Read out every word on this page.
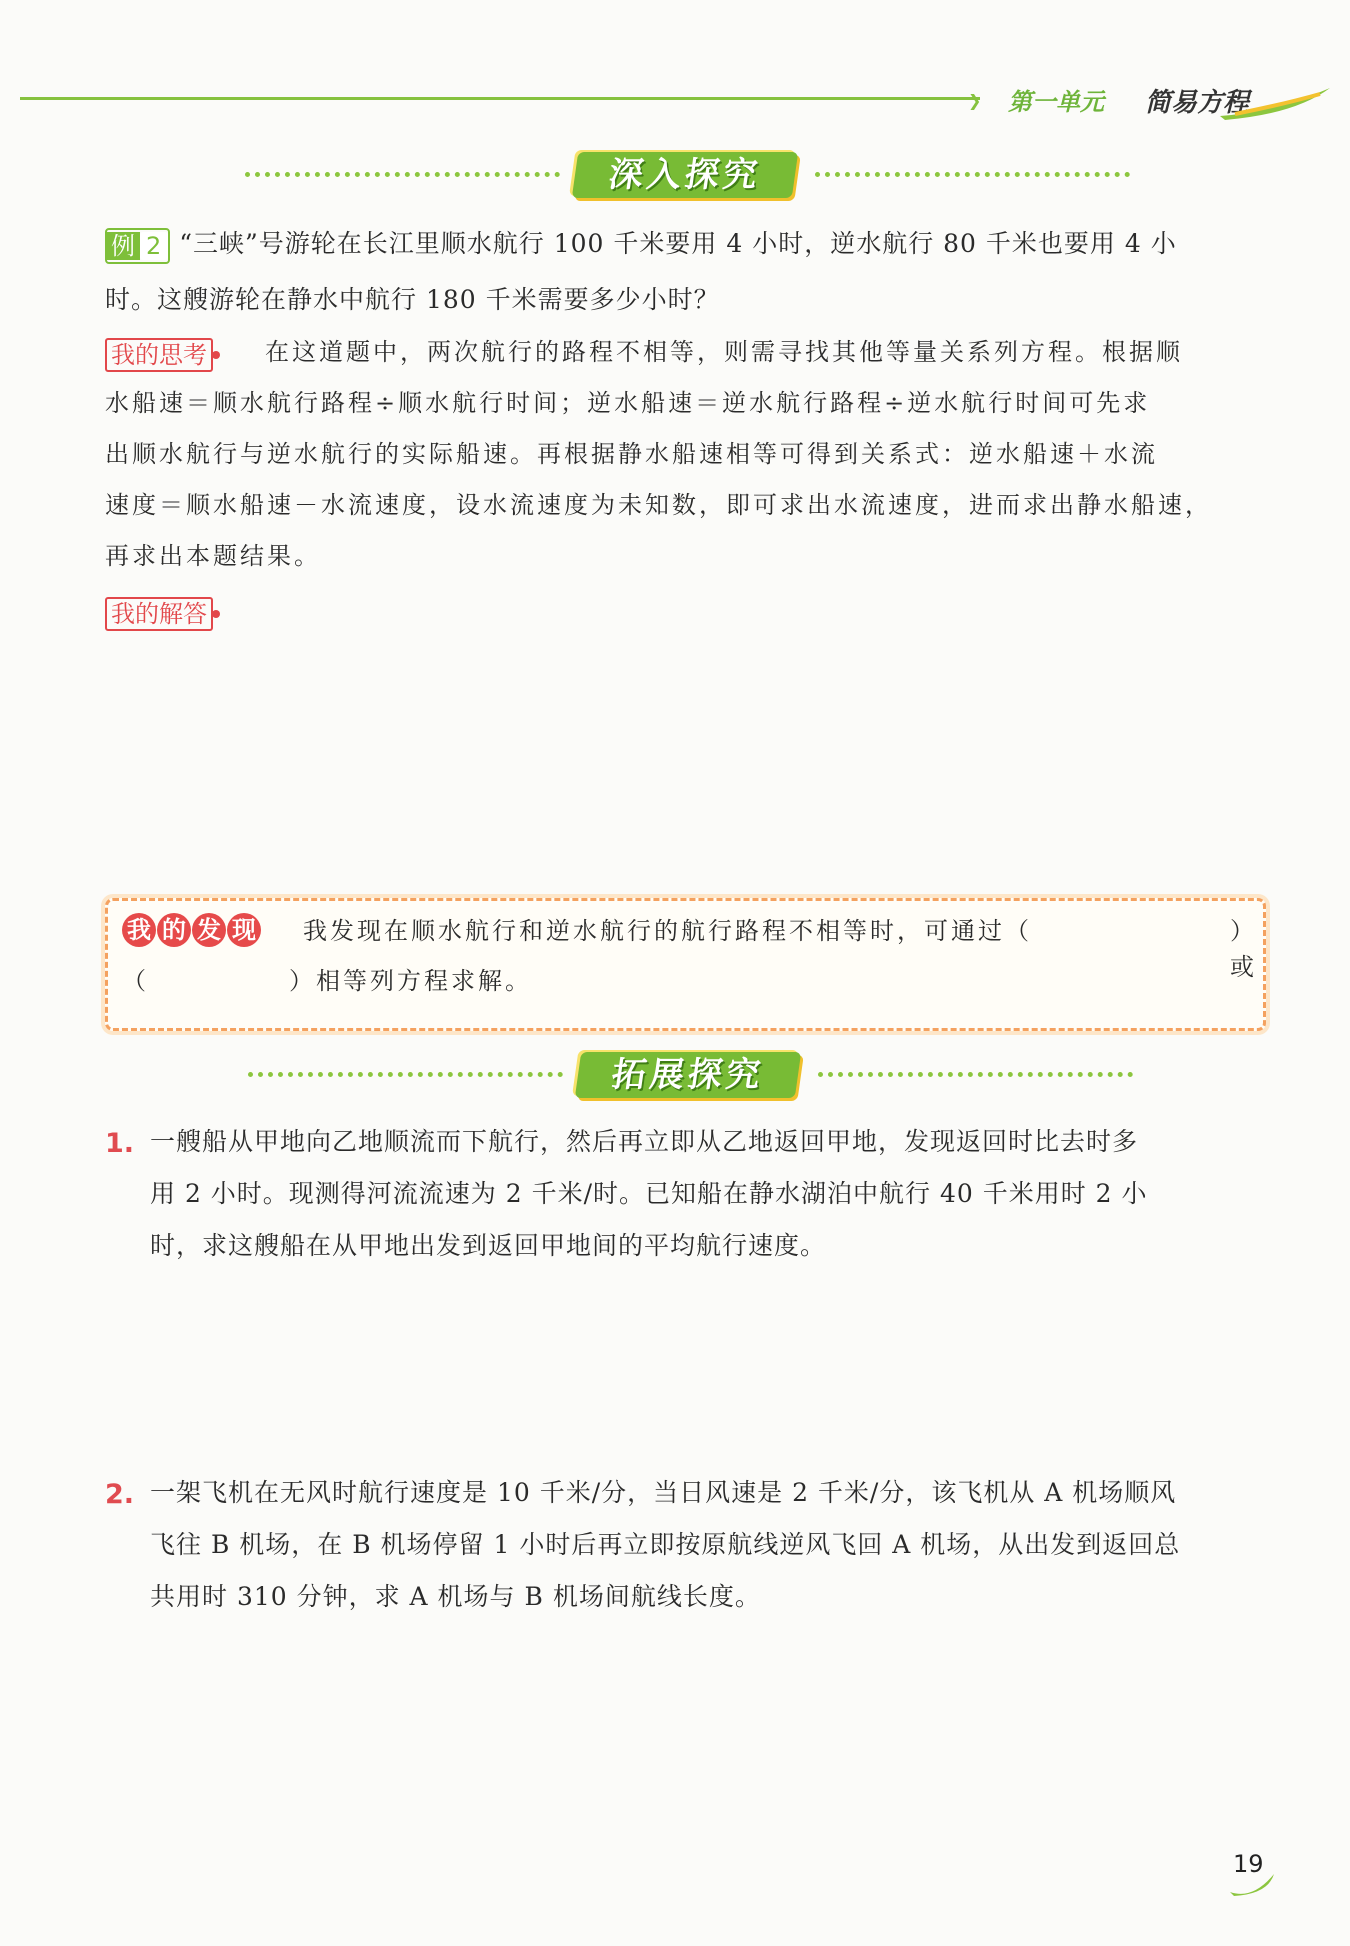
❯ 第一单元 简易方程
深入探究
例 2 “三峡”号游轮在长江里顺水航行 100 千米要用 4 小时，逆水航行 80 千米也要用 4 小
时。这艘游轮在静水中航行 180 千米需要多少小时？
我的思考 在这道题中，两次航行的路程不相等，则需寻找其他等量关系列方程。根据顺
水船速＝顺水航行路程÷顺水航行时间；逆水船速＝逆水航行路程÷逆水航行时间可先求
出顺水航行与逆水航行的实际船速。再根据静水船速相等可得到关系式：逆水船速＋水流
速度＝顺水船速－水流速度，设水流速度为未知数，即可求出水流速度，进而求出静水船速，
再求出本题结果。
我的解答
我 的 发 现 我发现在顺水航行和逆水航行的航行路程不相等时，可通过（	）或
（	）相等列方程求解。
拓展探究
1. 一艘船从甲地向乙地顺流而下航行，然后再立即从乙地返回甲地，发现返回时比去时多
用 2 小时。现测得河流流速为 2 千米/时。已知船在静水湖泊中航行 40 千米用时 2 小
时，求这艘船在从甲地出发到返回甲地间的平均航行速度。
2. 一架飞机在无风时航行速度是 10 千米/分，当日风速是 2 千米/分，该飞机从 A 机场顺风
飞往 B 机场，在 B 机场停留 1 小时后再立即按原航线逆风飞回 A 机场，从出发到返回总
共用时 310 分钟，求 A 机场与 B 机场间航线长度。
19
